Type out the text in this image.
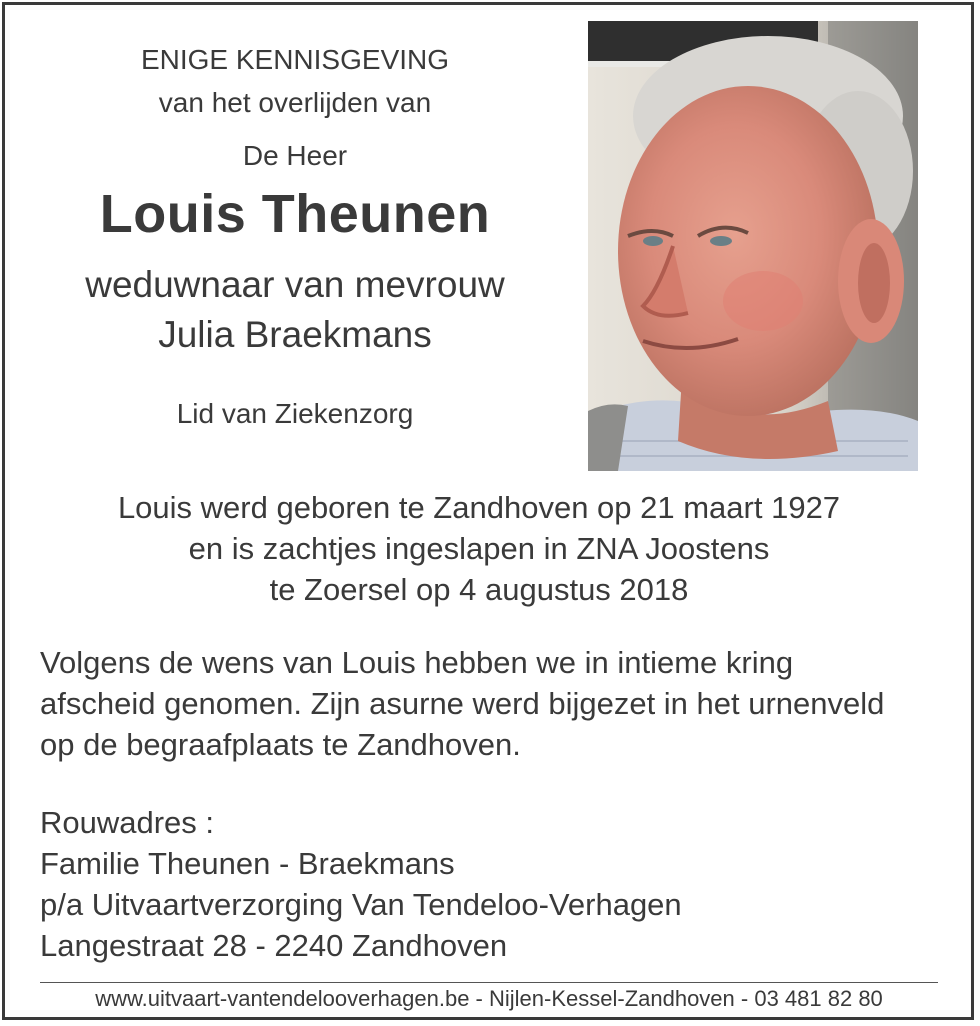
ENIGE KENNISGEVING
van het overlijden van
De Heer
Louis Theunen
weduwnaar van mevrouw
Julia Braekmans
Lid van Ziekenzorg
Louis werd geboren te Zandhoven op 21 maart 1927
en is zachtjes ingeslapen in ZNA Joostens
te Zoersel op 4 augustus 2018
Volgens de wens van Louis hebben we in intieme kring
afscheid genomen. Zijn asurne werd bijgezet in het urnenveld
op de begraafplaats te Zandhoven.
Rouwadres :
Familie Theunen - Braekmans
p/a Uitvaartverzorging Van Tendeloo-Verhagen
Langestraat 28 - 2240 Zandhoven
www.uitvaart-vantendelooverhagen.be - Nijlen-Kessel-Zandhoven - 03 481 82 80
